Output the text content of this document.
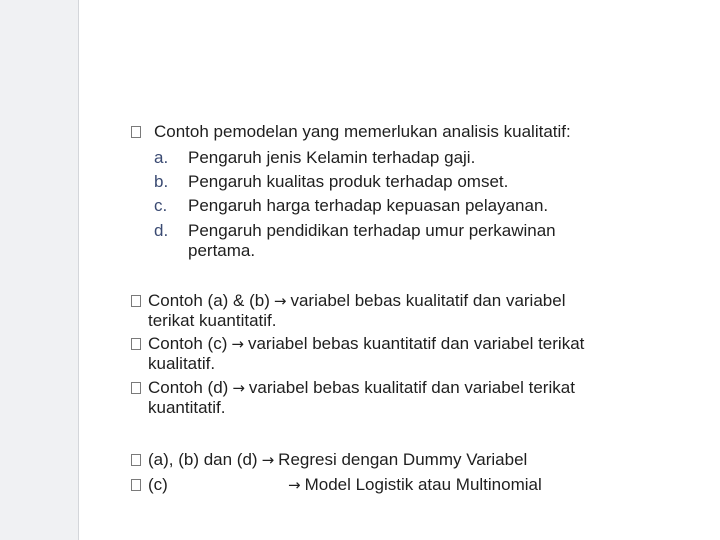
Contoh pemodelan yang memerlukan analisis kualitatif:
a. Pengaruh jenis Kelamin terhadap gaji.
b. Pengaruh kualitas produk terhadap omset.
c. Pengaruh harga terhadap kepuasan pelayanan.
d. Pengaruh pendidikan terhadap umur perkawinan
pertama.
Contoh (a) & (b) → variabel bebas kualitatif dan variabel
terikat kuantitatif.
Contoh (c) → variabel bebas kuantitatif dan variabel terikat
kualitatif.
Contoh (d) → variabel bebas kualitatif dan variabel terikat
kuantitatif.
(a), (b) dan (d) → Regresi dengan Dummy Variabel
(c)	→ Model Logistik atau Multinomial
